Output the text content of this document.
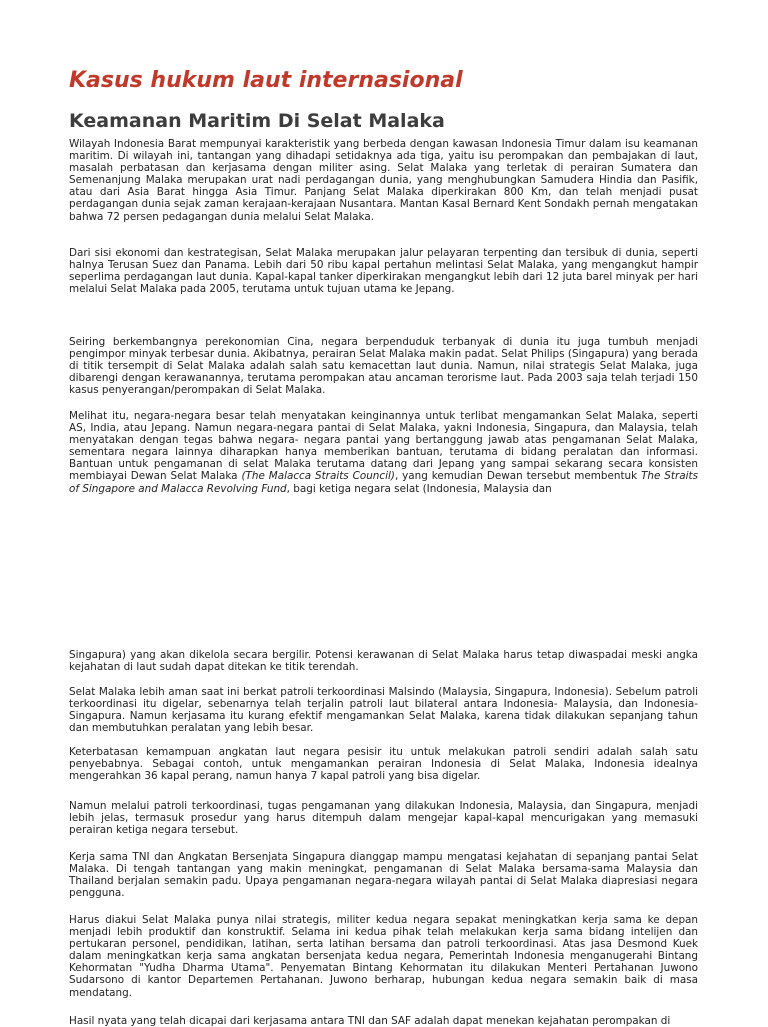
Kasus hukum laut internasional
Keamanan Maritim Di Selat Malaka

Wilayah Indonesia Barat mempunyai karakteristik yang berbeda dengan kawasan Indonesia Timur dalam isu keamanan maritim. Di wilayah ini, tantangan yang dihadapi setidaknya ada tiga, yaitu isu perompakan dan pembajakan di laut, masalah perbatasan dan kerjasama dengan militer asing. Selat Malaka yang terletak di perairan Sumatera dan Semenanjung Malaka merupakan urat nadi perdagangan dunia, yang menghubungkan Samudera Hindia dan Pasifik, atau dari Asia Barat hingga Asia Timur. Panjang Selat Malaka diperkirakan 800 Km, dan telah menjadi pusat perdagangan dunia sejak zaman kerajaan-kerajaan Nusantara. Mantan Kasal Bernard Kent Sondakh pernah mengatakan bahwa 72 persen pedagangan dunia melalui Selat Malaka.

Dari sisi ekonomi dan kestrategisan, Selat Malaka merupakan jalur pelayaran terpenting dan tersibuk di dunia, seperti halnya Terusan Suez dan Panama. Lebih dari 50 ribu kapal pertahun melintasi Selat Malaka, yang mengangkut hampir seperlima perdagangan laut dunia. Kapal-kapal tanker diperkirakan mengangkut lebih dari 12 juta barel minyak per hari melalui Selat Malaka pada 2005, terutama untuk tujuan utama ke Jepang.

Seiring berkembangnya perekonomian Cina, negara berpenduduk terbanyak di dunia itu juga tumbuh menjadi pengimpor minyak terbesar dunia. Akibatnya, perairan Selat Malaka makin padat. Selat Philips (Singapura) yang berada di titik tersempit di Selat Malaka adalah salah satu kemacettan laut dunia. Namun, nilai strategis Selat Malaka, juga dibarengi dengan kerawanannya, terutama perompakan atau ancaman terorisme laut. Pada 2003 saja telah terjadi 150 kasus penyerangan/perompakan di Selat Malaka.

Melihat itu, negara-negara besar telah menyatakan keinginannya untuk terlibat mengamankan Selat Malaka, seperti AS, India, atau Jepang. Namun negara-negara pantai di Selat Malaka, yakni Indonesia, Singapura, dan Malaysia, telah menyatakan dengan tegas bahwa negara- negara pantai yang bertanggung jawab atas pengamanan Selat Malaka, sementara negara lainnya diharapkan hanya memberikan bantuan, terutama di bidang peralatan dan informasi. Bantuan untuk pengamanan di selat Malaka terutama datang dari Jepang yang sampai sekarang secara konsisten membiayai Dewan Selat Malaka (The Malacca Straits Council), yang kemudian Dewan tersebut membentuk The Straits of Singapore and Malacca Revolving Fund, bagi ketiga negara selat (Indonesia, Malaysia dan

Singapura) yang akan dikelola secara bergilir. Potensi kerawanan di Selat Malaka harus tetap diwaspadai meski angka kejahatan di laut sudah dapat ditekan ke titik terendah.

Selat Malaka lebih aman saat ini berkat patroli terkoordinasi Malsindo (Malaysia, Singapura, Indonesia). Sebelum patroli terkoordinasi itu digelar, sebenarnya telah terjalin patroli laut bilateral antara Indonesia- Malaysia, dan Indonesia- Singapura. Namun kerjasama itu kurang efektif mengamankan Selat Malaka, karena tidak dilakukan sepanjang tahun dan membutuhkan peralatan yang lebih besar.

Keterbatasan kemampuan angkatan laut negara pesisir itu untuk melakukan patroli sendiri adalah salah satu penyebabnya. Sebagai contoh, untuk mengamankan perairan Indonesia di Selat Malaka, Indonesia idealnya mengerahkan 36 kapal perang, namun hanya 7 kapal patroli yang bisa digelar.

Namun melalui patroli terkoordinasi, tugas pengamanan yang dilakukan Indonesia, Malaysia, dan Singapura, menjadi lebih jelas, termasuk prosedur yang harus ditempuh dalam mengejar kapal-kapal mencurigakan yang memasuki perairan ketiga negara tersebut.

Kerja sama TNI dan Angkatan Bersenjata Singapura dianggap mampu mengatasi kejahatan di sepanjang pantai Selat Malaka. Di tengah tantangan yang makin meningkat, pengamanan di Selat Malaka bersama-sama Malaysia dan Thailand berjalan semakin padu. Upaya pengamanan negara-negara wilayah pantai di Selat Malaka diapresiasi negara pengguna.

Harus diakui Selat Malaka punya nilai strategis, militer kedua negara sepakat meningkatkan kerja sama ke depan menjadi lebih produktif dan konstruktif. Selama ini kedua pihak telah melakukan kerja sama bidang intelijen dan pertukaran personel, pendidikan, latihan, serta latihan bersama dan patroli terkoordinasi. Atas jasa Desmond Kuek dalam meningkatkan kerja sama angkatan bersenjata kedua negara, Pemerintah Indonesia menganugerahi Bintang Kehormatan "Yudha Dharma Utama". Penyematan Bintang Kehormatan itu dilakukan Menteri Pertahanan Juwono Sudarsono di kantor Departemen Pertahanan. Juwono berharap, hubungan kedua negara semakin baik di masa mendatang.

Hasil nyata yang telah dicapai dari kerjasama antara TNI dan SAF adalah dapat menekan kejahatan perompakan di
